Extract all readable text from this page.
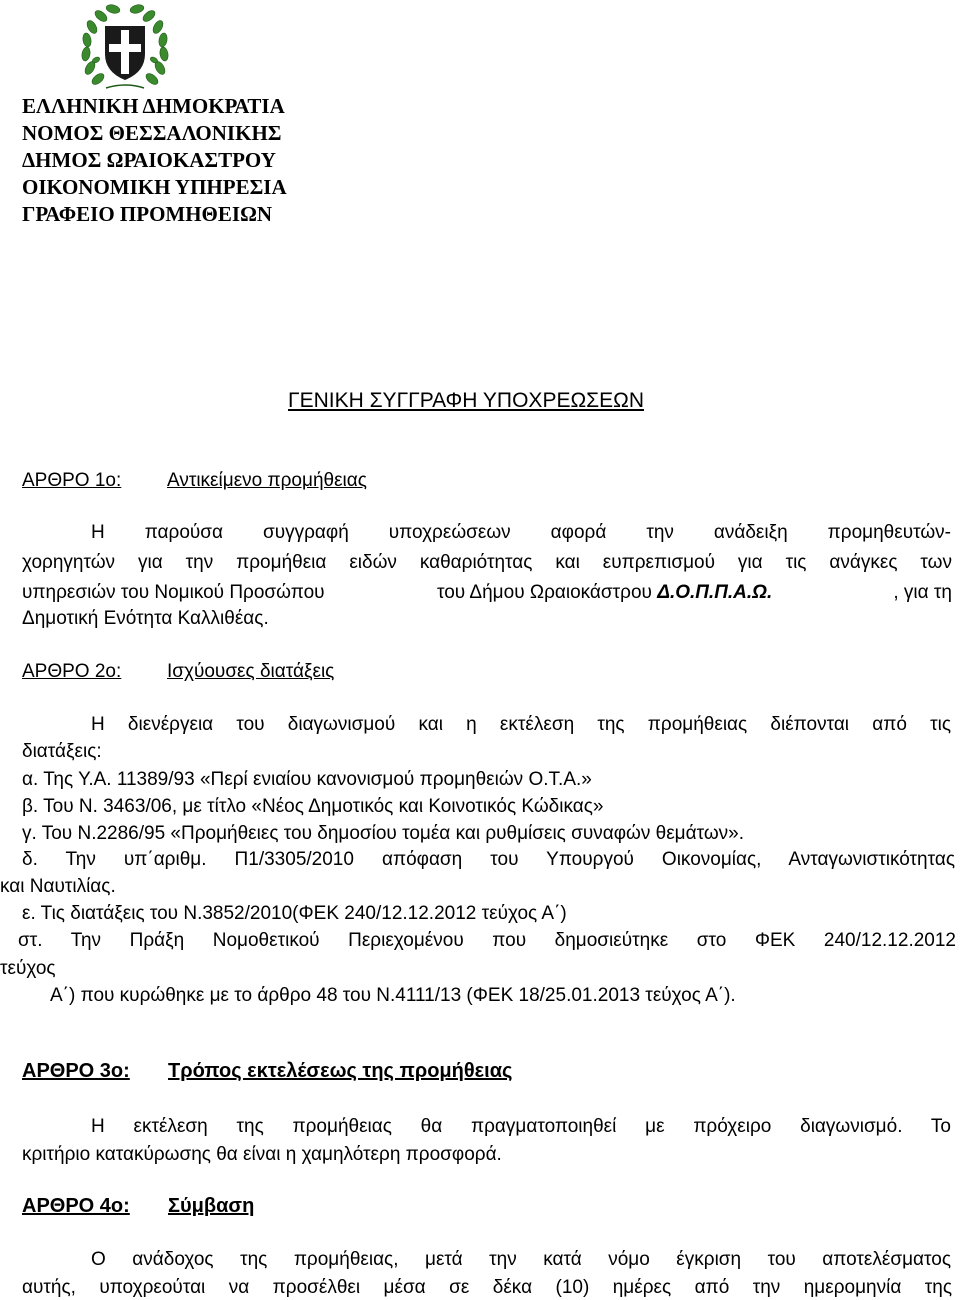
ΕΛΛΗΝΙΚΗ ΔΗΜΟΚΡΑΤΙΑ
ΝΟΜΟΣ ΘΕΣΣΑΛΟΝΙΚΗΣ
ΔΗΜΟΣ ΩΡΑΙΟΚΑΣΤΡΟΥ
ΟΙΚΟΝΟΜΙΚΗ ΥΠΗΡΕΣΙΑ
ΓΡΑΦΕΙΟ ΠΡΟΜΗΘΕΙΩΝ
ΓΕΝΙΚΗ ΣΥΓΓΡΑΦΗ ΥΠΟΧΡΕΩΣΕΩΝ
ΑΡΘΡΟ 1ο: Αντικείμενο προμήθειας
Η παρούσα συγγραφή υποχρεώσεων αφορά την ανάδειξη προμηθευτών-
χορηγητών για την προμήθεια ειδών καθαριότητας και ευπρεπισμού για τις ανάγκες των
υπηρεσιών του Νομικού Προσώπου	του Δήμου Ωραιοκάστρου Δ.Ο.Π.Π.Α.Ω.	, για τη
Δημοτική Ενότητα Καλλιθέας.
ΑΡΘΡΟ 2ο: Ισχύουσες διατάξεις
Η διενέργεια του διαγωνισμού και η εκτέλεση της προμήθειας διέπονται από τις
διατάξεις:
α. Της Υ.Α. 11389/93 «Περί ενιαίου κανονισμού προμηθειών Ο.Τ.Α.»
β. Του Ν. 3463/06, με τίτλο «Νέος Δημοτικός και Κοινοτικός Κώδικας»
γ. Του Ν.2286/95 «Προμήθειες του δημοσίου τομέα και ρυθμίσεις συναφών θεμάτων».
δ. Την υπ΄αριθμ. Π1/3305/2010 απόφαση του Υπουργού Οικονομίας, Ανταγωνιστικότητας
και Ναυτιλίας.
ε. Τις διατάξεις του Ν.3852/2010(ΦΕΚ 240/12.12.2012 τεύχος Α΄)
στ. Την Πράξη Νομοθετικού Περιεχομένου που δημοσιεύτηκε στο ΦΕΚ 240/12.12.2012
τεύχος
Α΄) που κυρώθηκε με το άρθρο 48 του Ν.4111/13 (ΦΕΚ 18/25.01.2013 τεύχος Α΄).
ΑΡΘΡΟ 3ο: Τρόπος εκτελέσεως της προμήθειας
Η εκτέλεση της προμήθειας θα πραγματοποιηθεί με πρόχειρο διαγωνισμό. Το
κριτήριο κατακύρωσης θα είναι η χαμηλότερη προσφορά.
ΑΡΘΡΟ 4ο: Σύμβαση
Ο ανάδοχος της προμήθειας, μετά την κατά νόμο έγκριση του αποτελέσματος
αυτής, υποχρεούται να προσέλθει μέσα σε δέκα (10) ημέρες από την ημερομηνία της
